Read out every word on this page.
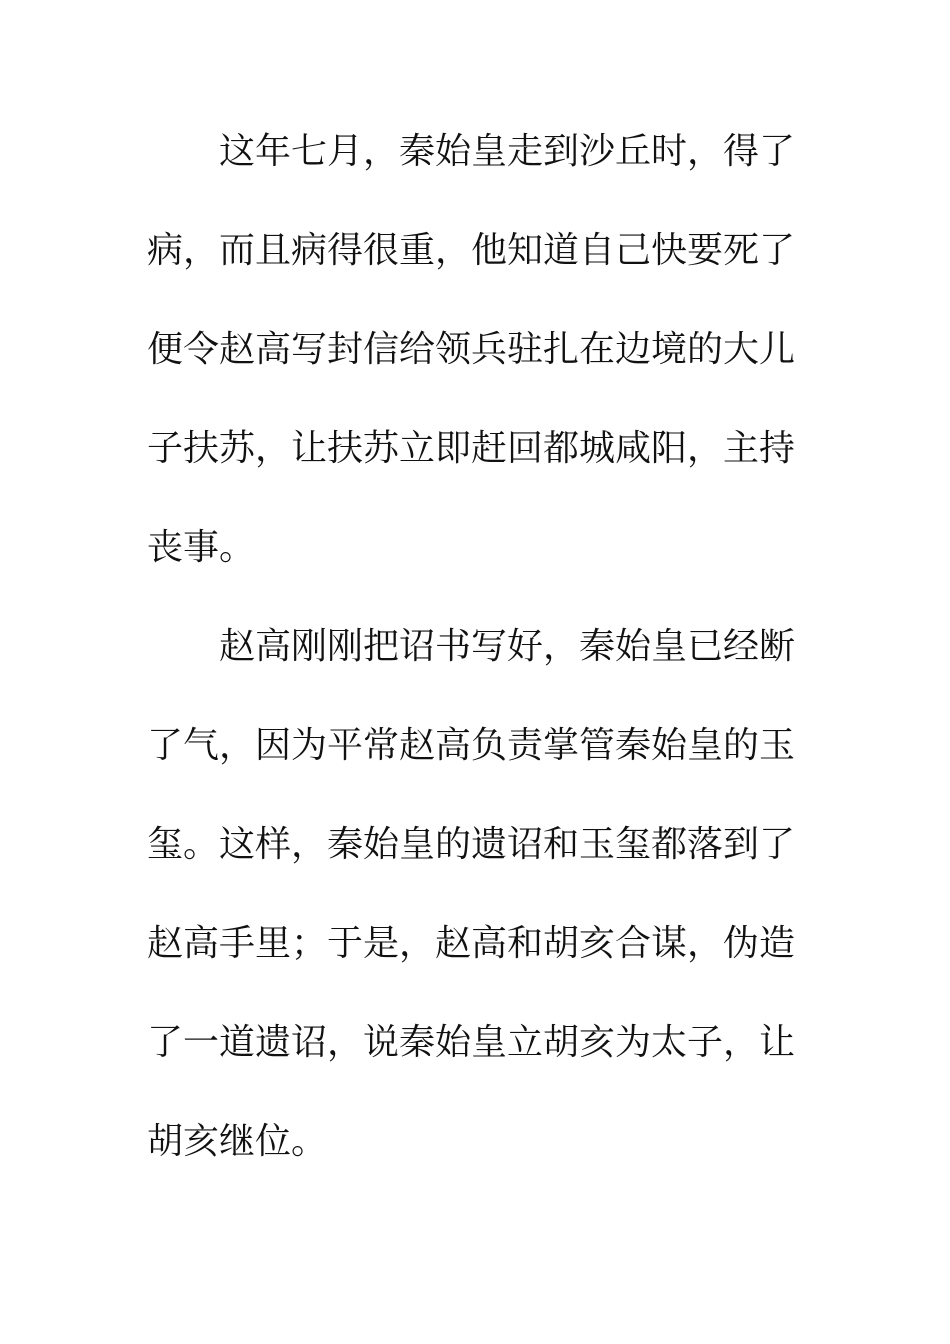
这年七月，秦始皇走到沙丘时，得了
病，而且病得很重，他知道自己快要死了
便令赵高写封信给领兵驻扎在边境的大儿
子扶苏，让扶苏立即赶回都城咸阳，主持
丧事。
赵高刚刚把诏书写好，秦始皇已经断
了气，因为平常赵高负责掌管秦始皇的玉
玺。这样，秦始皇的遗诏和玉玺都落到了
赵高手里；于是，赵高和胡亥合谋，伪造
了一道遗诏，说秦始皇立胡亥为太子，让
胡亥继位。
